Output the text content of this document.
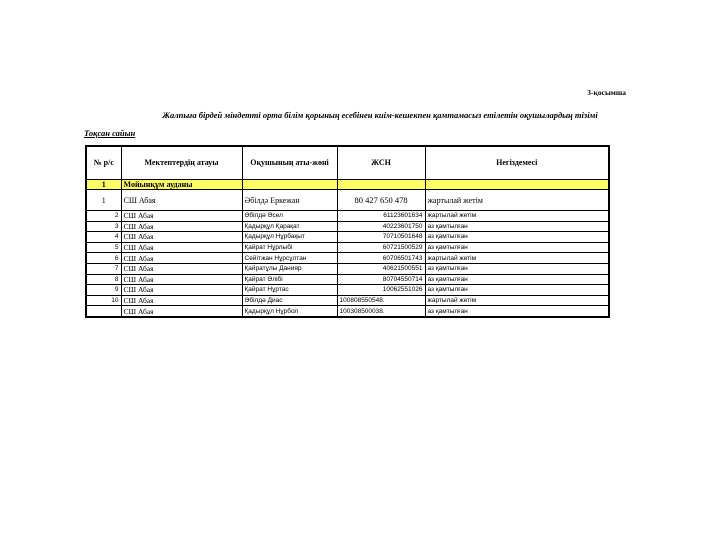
3-қосымша
Жалпыға бірдей міндетті орта білім қорының есебінен киім-кешекпен қамтамасыз етілетін оқушылардың тізімі
Тоқсан сайын
№ р/с	Мектептердің атауы	Оқушының аты-жөні	ЖСН	Негіздемесі
1	Мойынқұм ауданы			
1	СШ Абая	Әбілдә Еркежан	80 427 650 478	жартылай жетім
2	СШ Абая	Әбілдә Әсел	61123601634	жартылай жетім
3	СШ Абая	Қадырқұл Қарақат	40223601750	аз қамтылған
4	СШ Абая	Қадырқұл Нұрбақыт	70710501648	аз қамтылған
5	СШ Абая	Қайрат Нұрлыбі	60721500529	аз қамтылған
6	СШ Абая	Сейітжан Нұрсұлтан	60706501743	жартылай жетім
7	СШ Абая	Қайратұлы Данияр	40621500551	аз қамтылған
8	СШ Абая	Қайрат Әлібі	80704550714	аз қамтылған
9	СШ Абая	Қайрат Нұртас	10062551026	аз қамтылған
10	СШ Абая	Әбілдә Диас	100808550548.	жартылай жетім
	СШ Абая	Қадырқұл Нұрбол	100308500038.	аз қамтылған
